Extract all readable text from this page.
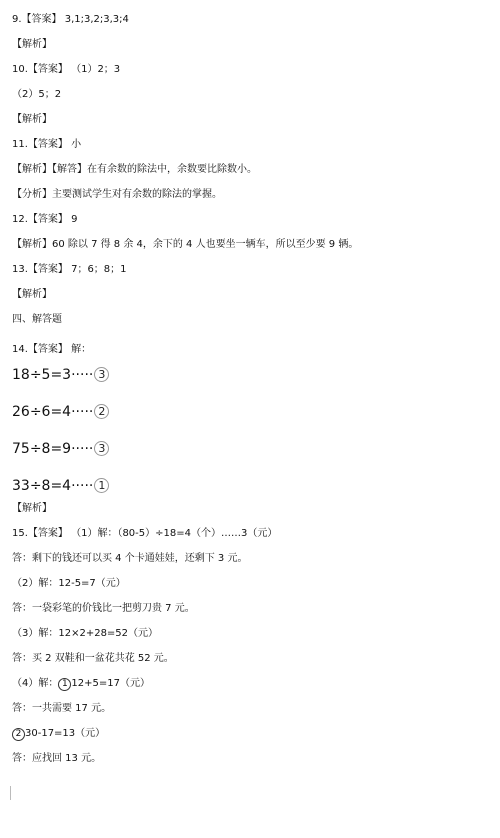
9.【答案】 3,1;3,2;3,3;4
【解析】
10.【答案】 （1）2；3
（2）5；2
【解析】
11.【答案】 小
【解析】【解答】在有余数的除法中，余数要比除数小。
【分析】主要测试学生对有余数的除法的掌握。
12.【答案】 9
【解析】60 除以 7 得 8 余 4，余下的 4 人也要坐一辆车，所以至少要 9 辆。
13.【答案】 7；6；8；1
【解析】
四、解答题
14.【答案】 解：
18÷5=3····· 3
26÷6=4····· 2
75÷8=9····· 3
33÷8=4····· 1
【解析】
15.【答案】 （1）解：（80-5）÷18=4（个）……3（元）
答：剩下的钱还可以买 4 个卡通娃娃，还剩下 3 元。
（2）解：12-5=7（元）
答：一袋彩笔的价钱比一把剪刀贵 7 元。
（3）解：12×2+28=52（元）
答：买 2 双鞋和一盆花共花 52 元。
（4）解： 1 12+5=17（元）
答：一共需要 17 元。
2 30-17=13（元）
答：应找回 13 元。
